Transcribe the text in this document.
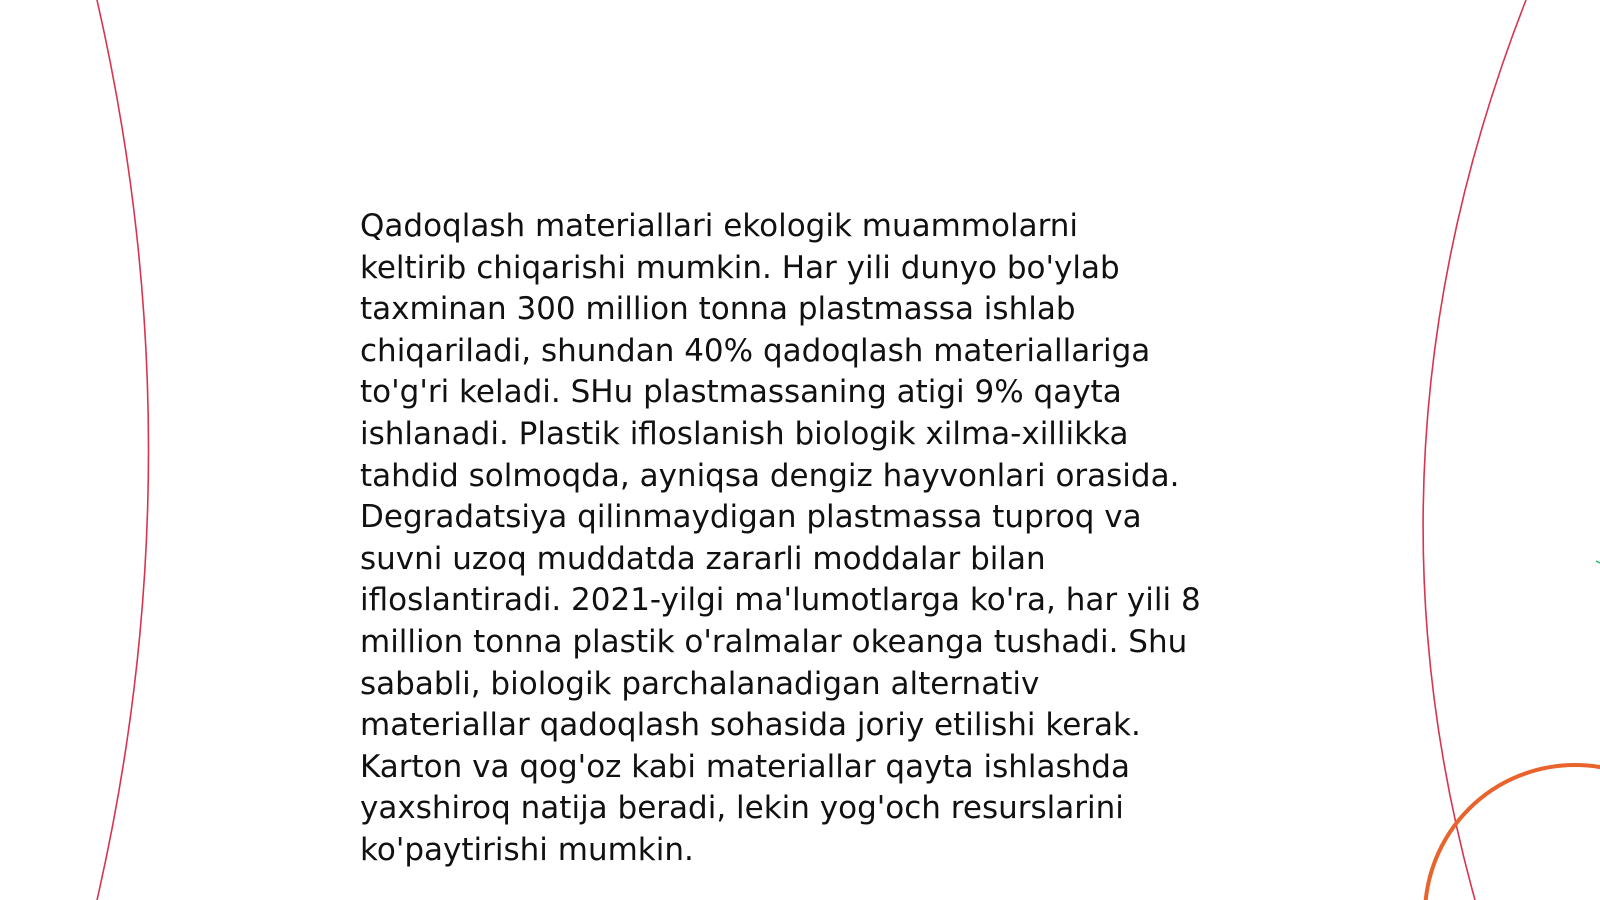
Qadoqlash materiallari ekologik muammolarni
keltirib chiqarishi mumkin. Har yili dunyo bo'ylab
taxminan 300 million tonna plastmassa ishlab
chiqariladi, shundan 40% qadoqlash materiallariga
to'g'ri keladi. SHu plastmassaning atigi 9% qayta
ishlanadi. Plastik ifloslanish biologik xilma-xillikka
tahdid solmoqda, ayniqsa dengiz hayvonlari orasida.
Degradatsiya qilinmaydigan plastmassa tuproq va
suvni uzoq muddatda zararli moddalar bilan
ifloslantiradi. 2021-yilgi ma'lumotlarga ko'ra, har yili 8
million tonna plastik o'ralmalar okeanga tushadi. Shu
sababli, biologik parchalanadigan alternativ
materiallar qadoqlash sohasida joriy etilishi kerak.
Karton va qog'oz kabi materiallar qayta ishlashda
yaxshiroq natija beradi, lekin yog'och resurslarini
ko'paytirishi mumkin.
